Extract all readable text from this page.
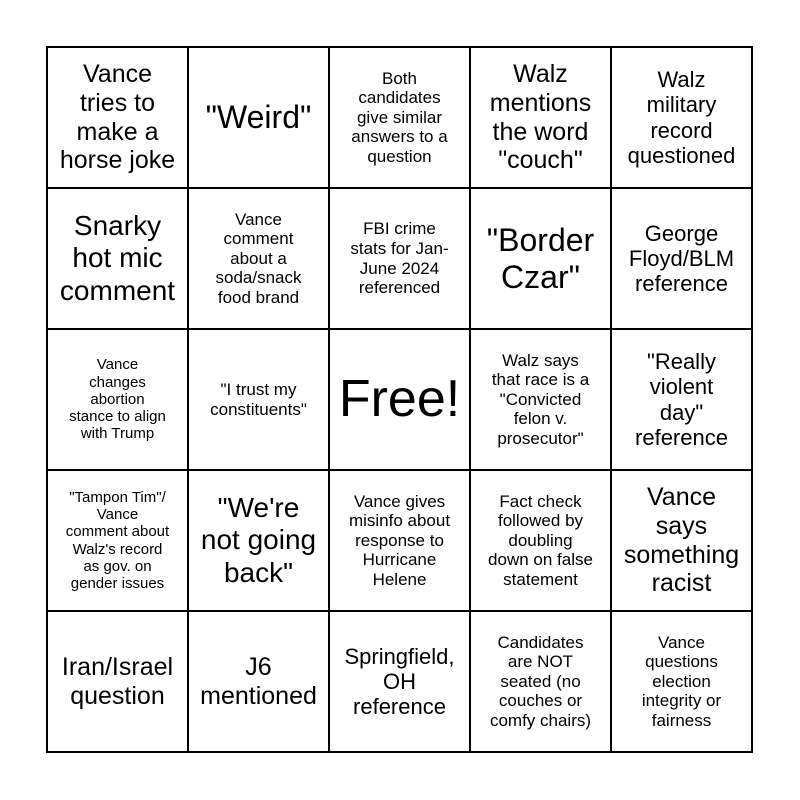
Vance
tries to
make a
horse joke
"Weird"
Both
candidates
give similar
answers to a
question
Walz
mentions
the word
"couch"
Walz
military
record
questioned
Snarky
hot mic
comment
Vance
comment
about a
soda/snack
food brand
FBI crime
stats for Jan-
June 2024
referenced
"Border
Czar"
George
Floyd/BLM
reference
Vance
changes
abortion
stance to align
with Trump
"I trust my
constituents" Free!
Walz says
that race is a
"Convicted
felon v.
prosecutor"
"Really
violent
day"
reference
"Tampon Tim"/
Vance
comment about
Walz's record
as gov. on
gender issues
"We're
not going
back"
Vance gives
misinfo about
response to
Hurricane
Helene
Fact check
followed by
doubling
down on false
statement
Vance
says
something
racist
Iran/Israel
question
J6
mentioned
Springfield,
OH
reference
Candidates
are NOT
seated (no
couches or
comfy chairs)
Vance
questions
election
integrity or
fairness
